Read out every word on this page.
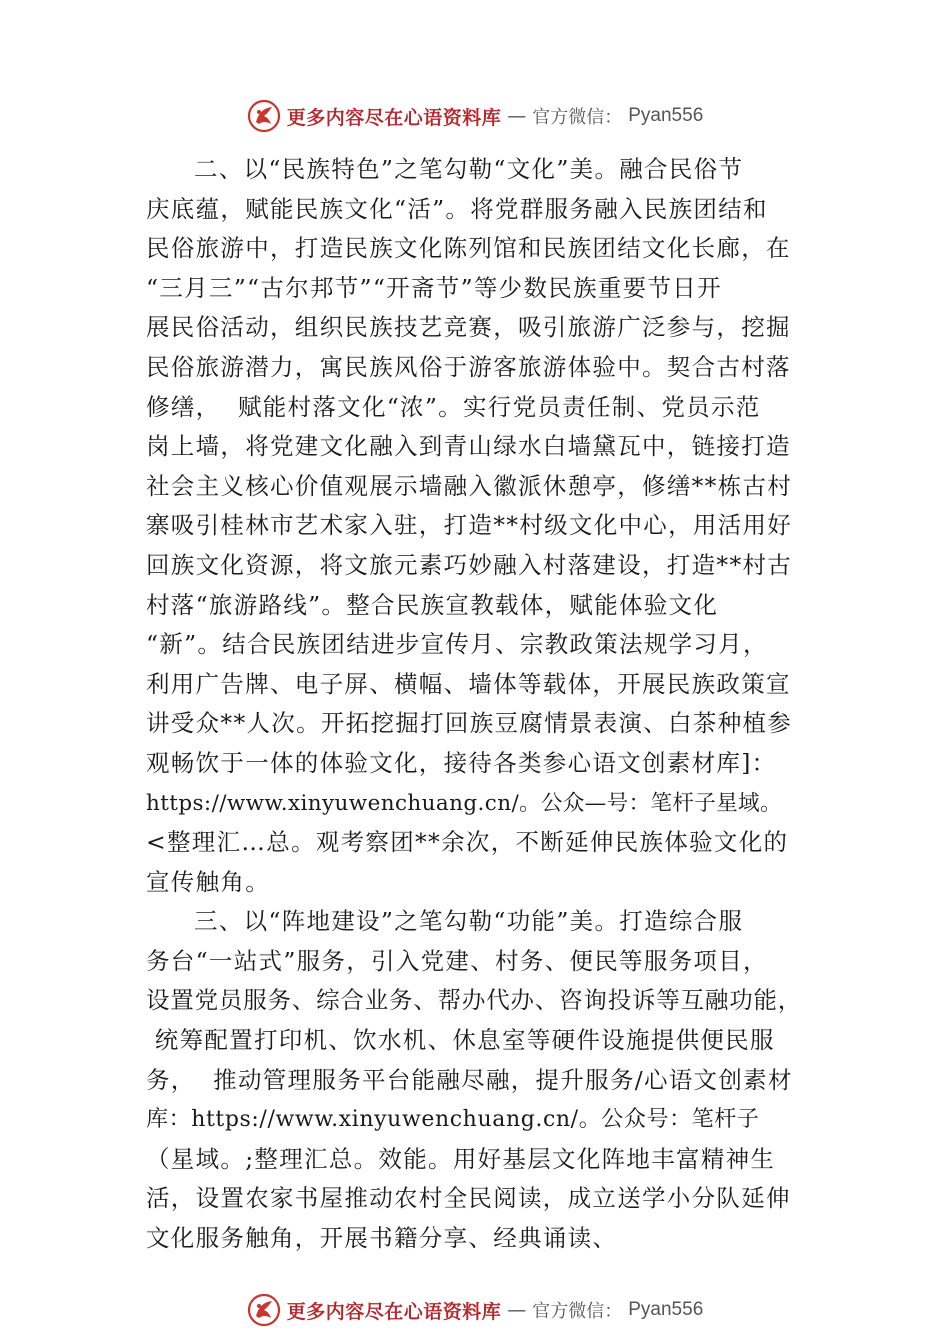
更多内容尽在心语资料库 — 官方微信： Pyan556
二、以“民族特色”之笔勾勒“文化”美。融合民俗节
庆底蕴，赋能民族文化“活”。将党群服务融入民族团结和
民俗旅游中，打造民族文化陈列馆和民族团结文化长廊，在
“三月三”“古尔邦节”“开斋节”等少数民族重要节日开
展民俗活动，组织民族技艺竞赛，吸引旅游广泛参与，挖掘
民俗旅游潜力，寓民族风俗于游客旅游体验中。契合古村落
修缮，  赋能村落文化“浓”。实行党员责任制、党员示范
岗上墙，将党建文化融入到青山绿水白墙黛瓦中，链接打造
社会主义核心价值观展示墙融入徽派休憩亭，修缮**栋古村
寨吸引桂林市艺术家入驻，打造**村级文化中心，用活用好
回族文化资源，将文旅元素巧妙融入村落建设，打造**村古
村落“旅游路线”。整合民族宣教载体，赋能体验文化
“新”。结合民族团结进步宣传月、宗教政策法规学习月，
利用广告牌、电子屏、横幅、墙体等载体，开展民族政策宣
讲受众**人次。开拓挖掘打回族豆腐情景表演、白茶种植参
观畅饮于一体的体验文化，接待各类参心语文创素材库]：
https://www.xinyuwenchuang.cn/。公众—号：笔杆子星域。
<整理汇…总。观考察团**余次，不断延伸民族体验文化的
宣传触角。
三、以“阵地建设”之笔勾勒“功能”美。打造综合服
务台“一站式”服务，引入党建、村务、便民等服务项目，
设置党员服务、综合业务、帮办代办、咨询投诉等互融功能，
统筹配置打印机、饮水机、休息室等硬件设施提供便民服
务，  推动管理服务平台能融尽融，提升服务/心语文创素材
库：https://www.xinyuwenchuang.cn/。公众号：笔杆子
（星域。;整理汇总。效能。用好基层文化阵地丰富精神生
活，设置农家书屋推动农村全民阅读，成立送学小分队延伸
文化服务触角，开展书籍分享、经典诵读、
更多内容尽在心语资料库 — 官方微信： Pyan556
